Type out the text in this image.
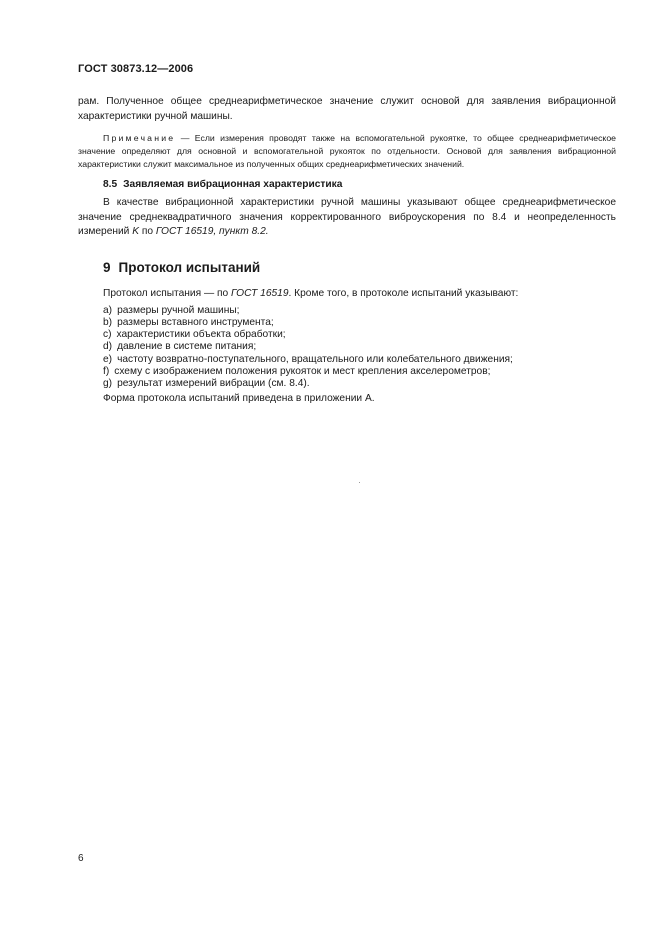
ГОСТ 30873.12—2006

рам. Полученное общее среднеарифметическое значение служит основой для заявления вибрационной характеристики ручной машины.

Примечание — Если измерения проводят также на вспомогательной рукоятке, то общее среднеарифметическое значение определяют для основной и вспомогательной рукояток по отдельности. Основой для заявления вибрационной характеристики служит максимальное из полученных общих среднеарифметических значений.

8.5 Заявляемая вибрационная характеристика

В качестве вибрационной характеристики ручной машины указывают общее среднеарифметическое значение среднеквадратичного значения корректированного виброускорения по 8.4 и неопределенность измерений K по ГОСТ 16519, пункт 8.2.

9 Протокол испытаний

Протокол испытания — по ГОСТ 16519. Кроме того, в протоколе испытаний указывают:

a) размеры ручной машины;
b) размеры вставного инструмента;
c) характеристики объекта обработки;
d) давление в системе питания;
e) частоту возвратно-поступательного, вращательного или колебательного движения;
f) схему с изображением положения рукояток и мест крепления акселерометров;
g) результат измерений вибрации (см. 8.4).

Форма протокола испытаний приведена в приложении А.

6
